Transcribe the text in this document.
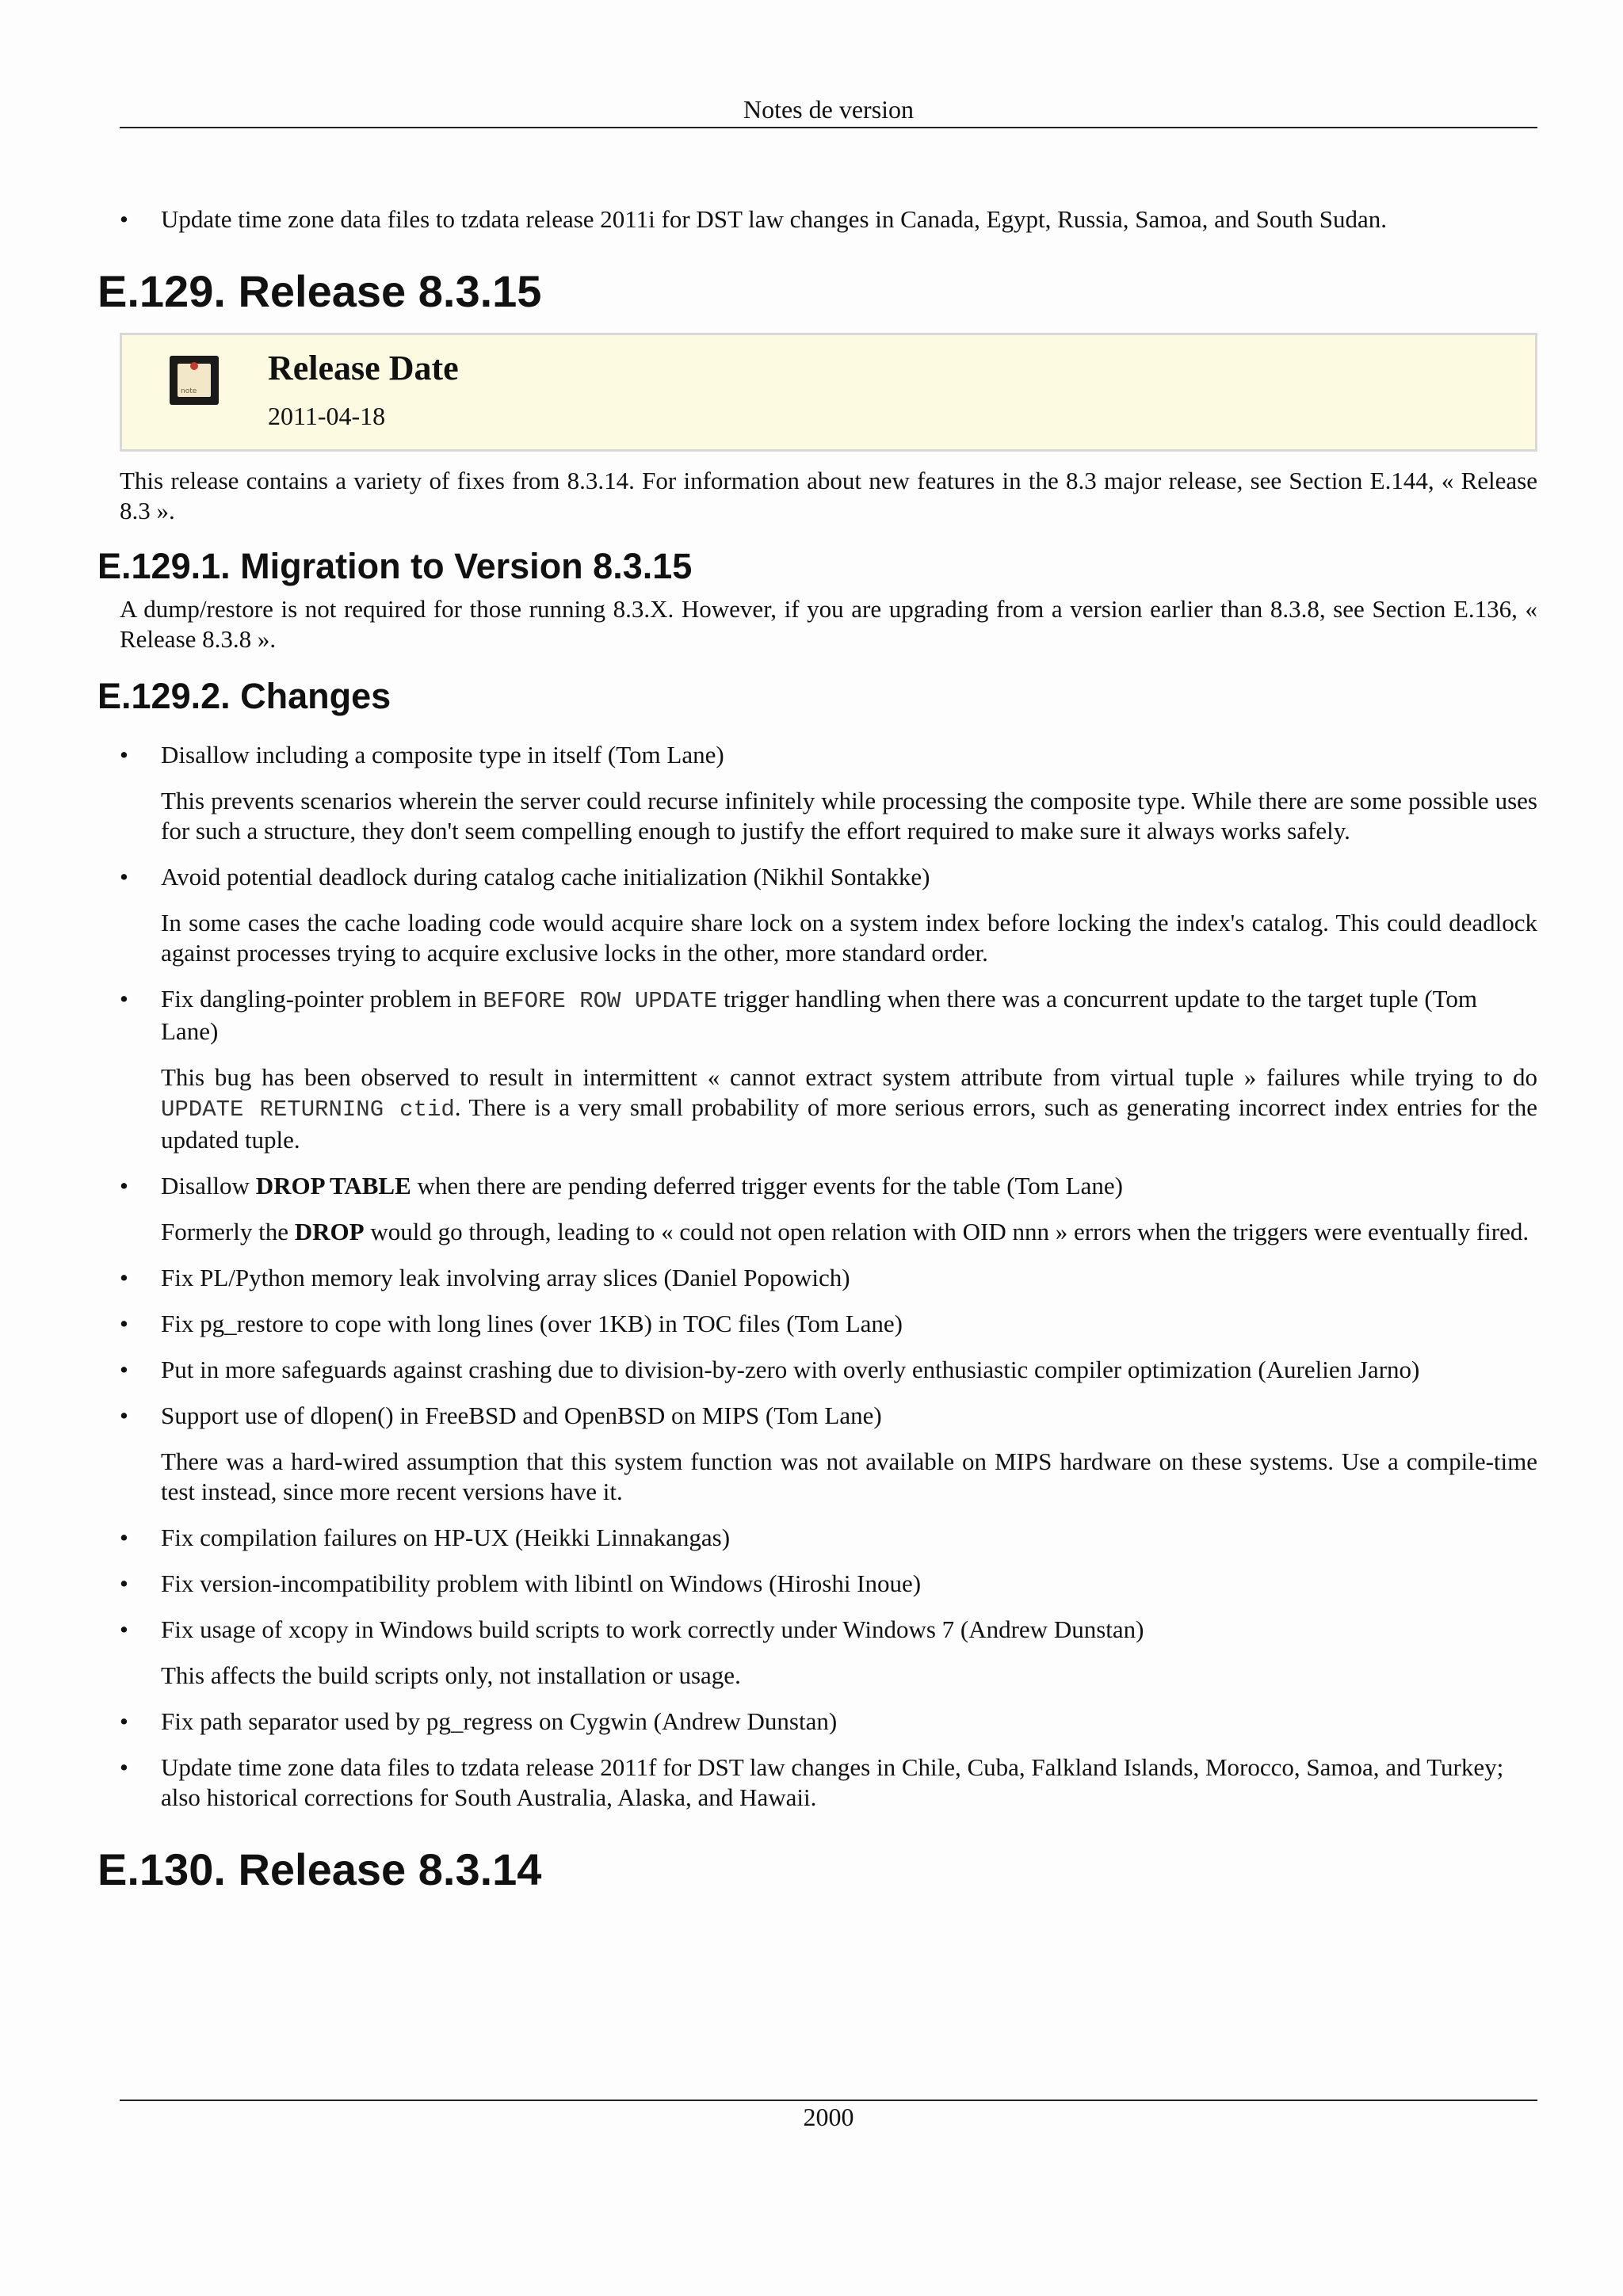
Notes de version
• Update time zone data files to tzdata release 2011i for DST law changes in Canada, Egypt, Russia, Samoa, and South Sudan.
E.129. Release 8.3.15
note
Release Date
2011-04-18

This release contains a variety of fixes from 8.3.14. For information about new features in the 8.3 major release, see Section E.144, « Release 8.3 ».

E.129.1. Migration to Version 8.3.15

A dump/restore is not required for those running 8.3.X. However, if you are upgrading from a version earlier than 8.3.8, see Section E.136, « Release 8.3.8 ».

E.129.2. Changes
• Disallow including a composite type in itself (Tom Lane)

This prevents scenarios wherein the server could recurse infinitely while processing the composite type. While there are some possible uses for such a structure, they don't seem compelling enough to justify the effort required to make sure it always works safely.

• Avoid potential deadlock during catalog cache initialization (Nikhil Sontakke)

In some cases the cache loading code would acquire share lock on a system index before locking the index's catalog. This could deadlock against processes trying to acquire exclusive locks in the other, more standard order.

• Fix dangling-pointer problem in BEFORE ROW UPDATE trigger handling when there was a concurrent update to the target tuple (Tom Lane)

This bug has been observed to result in intermittent « cannot extract system attribute from virtual tuple » failures while trying to do UPDATE RETURNING ctid. There is a very small probability of more serious errors, such as generating incorrect index entries for the updated tuple.

• Disallow DROP TABLE when there are pending deferred trigger events for the table (Tom Lane)

Formerly the DROP would go through, leading to « could not open relation with OID nnn » errors when the triggers were eventually fired.

• Fix PL/Python memory leak involving array slices (Daniel Popowich)
• Fix pg_restore to cope with long lines (over 1KB) in TOC files (Tom Lane)
• Put in more safeguards against crashing due to division-by-zero with overly enthusiastic compiler optimization (Aurelien Jarno)
• Support use of dlopen() in FreeBSD and OpenBSD on MIPS (Tom Lane)

There was a hard-wired assumption that this system function was not available on MIPS hardware on these systems. Use a compile-time test instead, since more recent versions have it.

• Fix compilation failures on HP-UX (Heikki Linnakangas)
• Fix version-incompatibility problem with libintl on Windows (Hiroshi Inoue)
• Fix usage of xcopy in Windows build scripts to work correctly under Windows 7 (Andrew Dunstan)

This affects the build scripts only, not installation or usage.

• Fix path separator used by pg_regress on Cygwin (Andrew Dunstan)
• Update time zone data files to tzdata release 2011f for DST law changes in Chile, Cuba, Falkland Islands, Morocco, Samoa, and Turkey; also historical corrections for South Australia, Alaska, and Hawaii.
E.130. Release 8.3.14
2000
